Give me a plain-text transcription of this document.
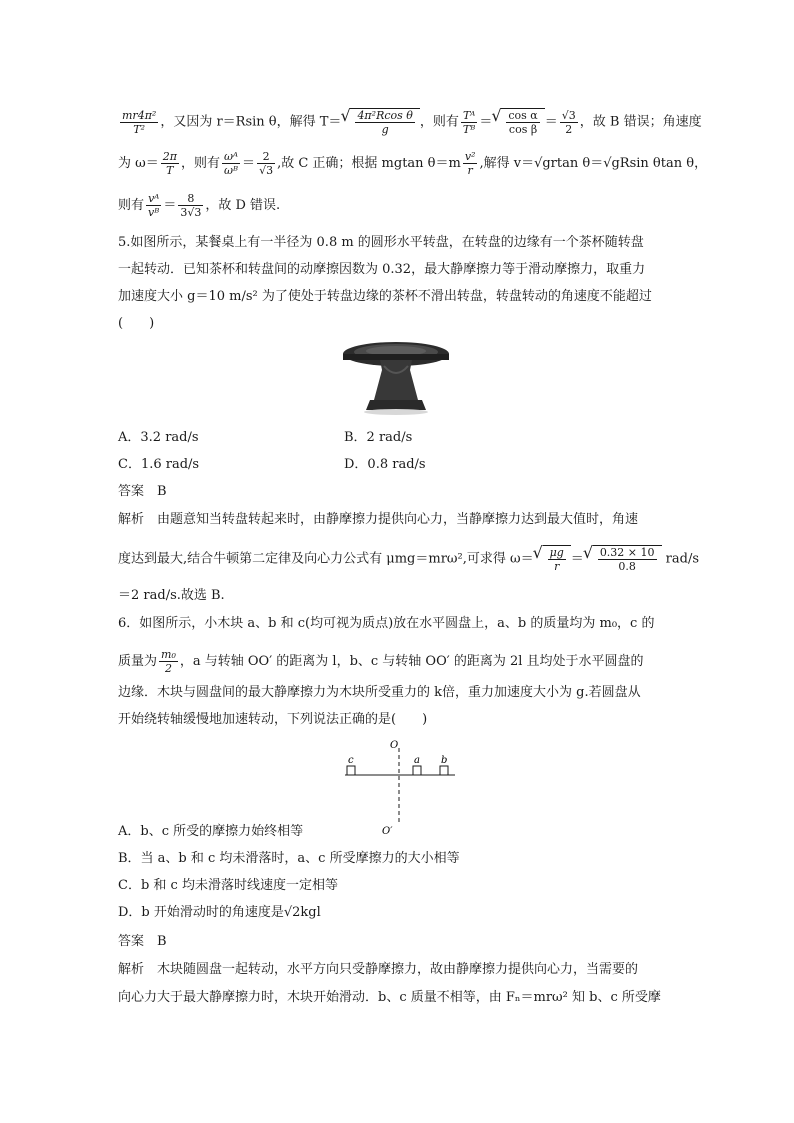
$\frac{\text{mr4π²}}{\text{T²}}$ ，又因为 r＝Rsin θ，解得 T＝ √ $\frac{\text{4π²Rcos θ}}{g}$ ，则有 $\frac{\text{Tᴬ}}{\text{Tᴮ}}$ ＝ √ $\frac{\text{cos α}}{\text{cos β}} = \frac{√3}{2}$ ，故 B 错误；角速度
为 $\omega= \frac{2\pi}{T}$ ，则有 $\frac{\text{ωᴬ}}{\text{ωᴮ}} = \frac{2}{√3}$ ,故 C 正确；根据 mgtan $\theta=m \frac{\text{v²}}{r}$ ,解得 v＝√grtan θ＝√gRsin θtan θ，
则有 $\frac{\text{vᴬ}}{\text{vᴮ}} = \frac{8}{3√3}$ ，故 D 错误.
5.如图所示，某餐桌上有一半径为 0.8 m 的圆形水平转盘，在转盘的边缘有一个茶杯随转盘
一起转动．已知茶杯和转盘间的动摩擦因数为 0.32，最大静摩擦力等于滑动摩擦力，取重力
加速度大小 g＝10 m/s² 为了使处于转盘边缘的茶杯不滑出转盘，转盘转动的角速度不能超过
(　　)
A．3.2 rad/s	B．2 rad/s
C．1.6 rad/s	D．0.8 rad/s
答案　B
解析　由题意知当转盘转起来时，由静摩擦力提供向心力，当静摩擦力达到最大值时，角速
度达到最大,结合牛顿第二定律及向心力公式有 μmg＝mrω²,可求得 ω＝ √ $\frac{\mu g}{r}$ ＝ √ $\frac{0.32 \times 10}{0.8} rad/s$
＝2 rad/s.故选 B.
6．如图所示，小木块 a、b 和 c(均可视为质点)放在水平圆盘上，a、b 的质量均为 m₀，c 的
质量为 $\frac{\text{m₀}}{2}$ ，a 与转轴 OO′ 的距离为 l，b、c 与转轴 OO′ 的距离为 2l 且均处于水平圆盘的
边缘．木块与圆盘间的最大静摩擦力为木块所受重力的 k倍，重力加速度大小为 g.若圆盘从
开始绕转轴缓慢地加速转动，下列说法正确的是(　　)
O
O′
c	a b
A．b、c 所受的摩擦力始终相等
B．当 a、b 和 c 均未滑落时，a、c 所受摩擦力的大小相等
C．b 和 c 均未滑落时线速度一定相等
D．b 开始滑动时的角速度是√2kgl
答案　B
解析　木块随圆盘一起转动，水平方向只受静摩擦力，故由静摩擦力提供向心力，当需要的
向心力大于最大静摩擦力时，木块开始滑动．b、c 质量不相等，由 Fₙ＝mrω² 知 b、c 所受摩
